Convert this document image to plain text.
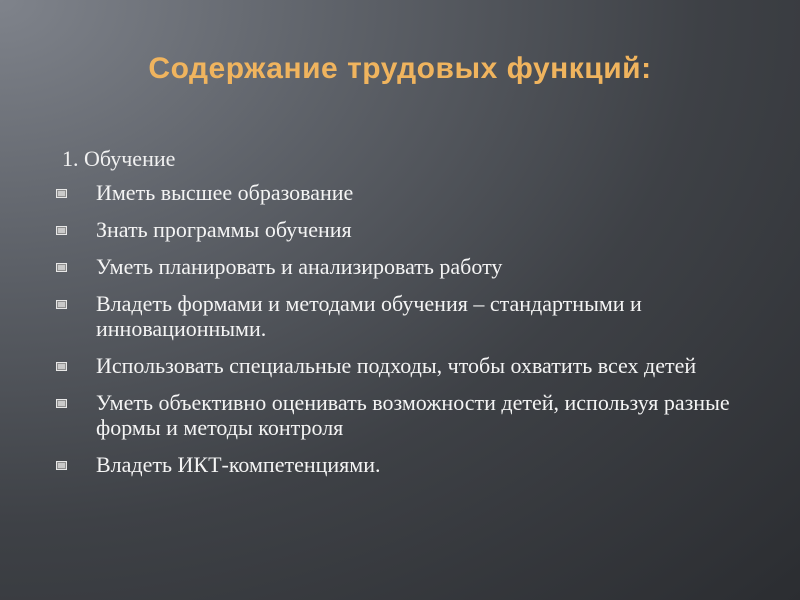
Содержание трудовых функций:
1. Обучение
Иметь высшее образование
Знать программы обучения
Уметь планировать и анализировать работу
Владеть формами и методами обучения – стандартными и инновационными.
Использовать специальные подходы, чтобы охватить всех детей
Уметь объективно оценивать возможности детей, используя разные формы и методы контроля
Владеть ИКТ-компетенциями.
